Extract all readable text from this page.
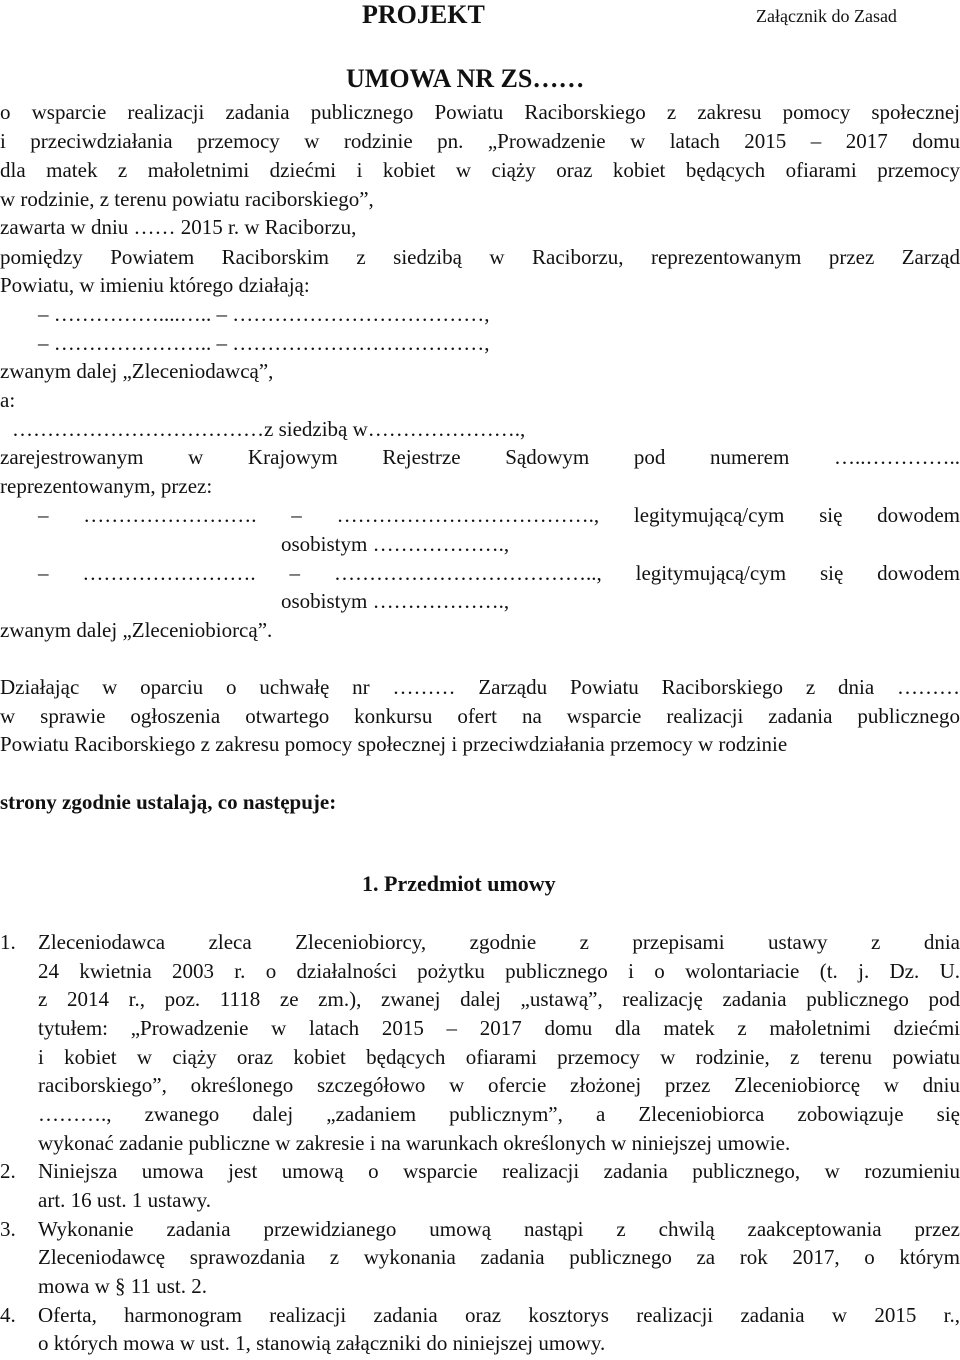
PROJEKT	Załącznik do Zasad
UMOWA NR ZS……
o wsparcie realizacji zadania publicznego Powiatu Raciborskiego z zakresu pomocy społecznej
i przeciwdziałania przemocy w rodzinie pn. „Prowadzenie w latach 2015 – 2017 domu
dla matek z małoletnimi dziećmi i kobiet w ciąży oraz kobiet będących ofiarami przemocy
w rodzinie, z terenu powiatu raciborskiego”,
zawarta w dniu …… 2015 r. w Raciborzu,
pomiędzy Powiatem Raciborskim z siedzibą w Raciborzu, reprezentowanym przez Zarząd
Powiatu, w imieniu którego działają:
– ……………....….. – ………………………………,
– ………………….. – ………………………………,
zwanym dalej „Zleceniodawcą”,
a:
………………………………z siedzibą w………………….,
zarejestrowanym w Krajowym Rejestrze Sądowym pod numerem …..…………..
reprezentowanym, przez:
– ……………………. – ………………………………., legitymującą/cym się dowodem
osobistym ……………….,
– ……………………. – ……………………………….., legitymującą/cym się dowodem
osobistym ……………….,
zwanym dalej „Zleceniobiorcą”.
Działając w oparciu o uchwałę nr ……… Zarządu Powiatu Raciborskiego z dnia ………
w sprawie ogłoszenia otwartego konkursu ofert na wsparcie realizacji zadania publicznego
Powiatu Raciborskiego z zakresu pomocy społecznej i przeciwdziałania przemocy w rodzinie
strony zgodnie ustalają, co następuje:
1. Przedmiot umowy
1. Zleceniodawca zleca Zleceniobiorcy, zgodnie z przepisami ustawy z dnia
24 kwietnia 2003 r. o działalności pożytku publicznego i o wolontariacie (t. j. Dz. U.
z 2014 r., poz. 1118 ze zm.), zwanej dalej „ustawą”, realizację zadania publicznego pod
tytułem: „Prowadzenie w latach 2015 – 2017 domu dla matek z małoletnimi dziećmi
i kobiet w ciąży oraz kobiet będących ofiarami przemocy w rodzinie, z terenu powiatu
raciborskiego”, określonego szczegółowo w ofercie złożonej przez Zleceniobiorcę w dniu
………., zwanego dalej „zadaniem publicznym”, a Zleceniobiorca zobowiązuje się
wykonać zadanie publiczne w zakresie i na warunkach określonych w niniejszej umowie.
2. Niniejsza umowa jest umową o wsparcie realizacji zadania publicznego, w rozumieniu
art. 16 ust. 1 ustawy.
3. Wykonanie zadania przewidzianego umową nastąpi z chwilą zaakceptowania przez
Zleceniodawcę sprawozdania z wykonania zadania publicznego za rok 2017, o którym
mowa w § 11 ust. 2.
4. Oferta, harmonogram realizacji zadania oraz kosztorys realizacji zadania w 2015 r.,
o których mowa w ust. 1, stanowią załączniki do niniejszej umowy.
